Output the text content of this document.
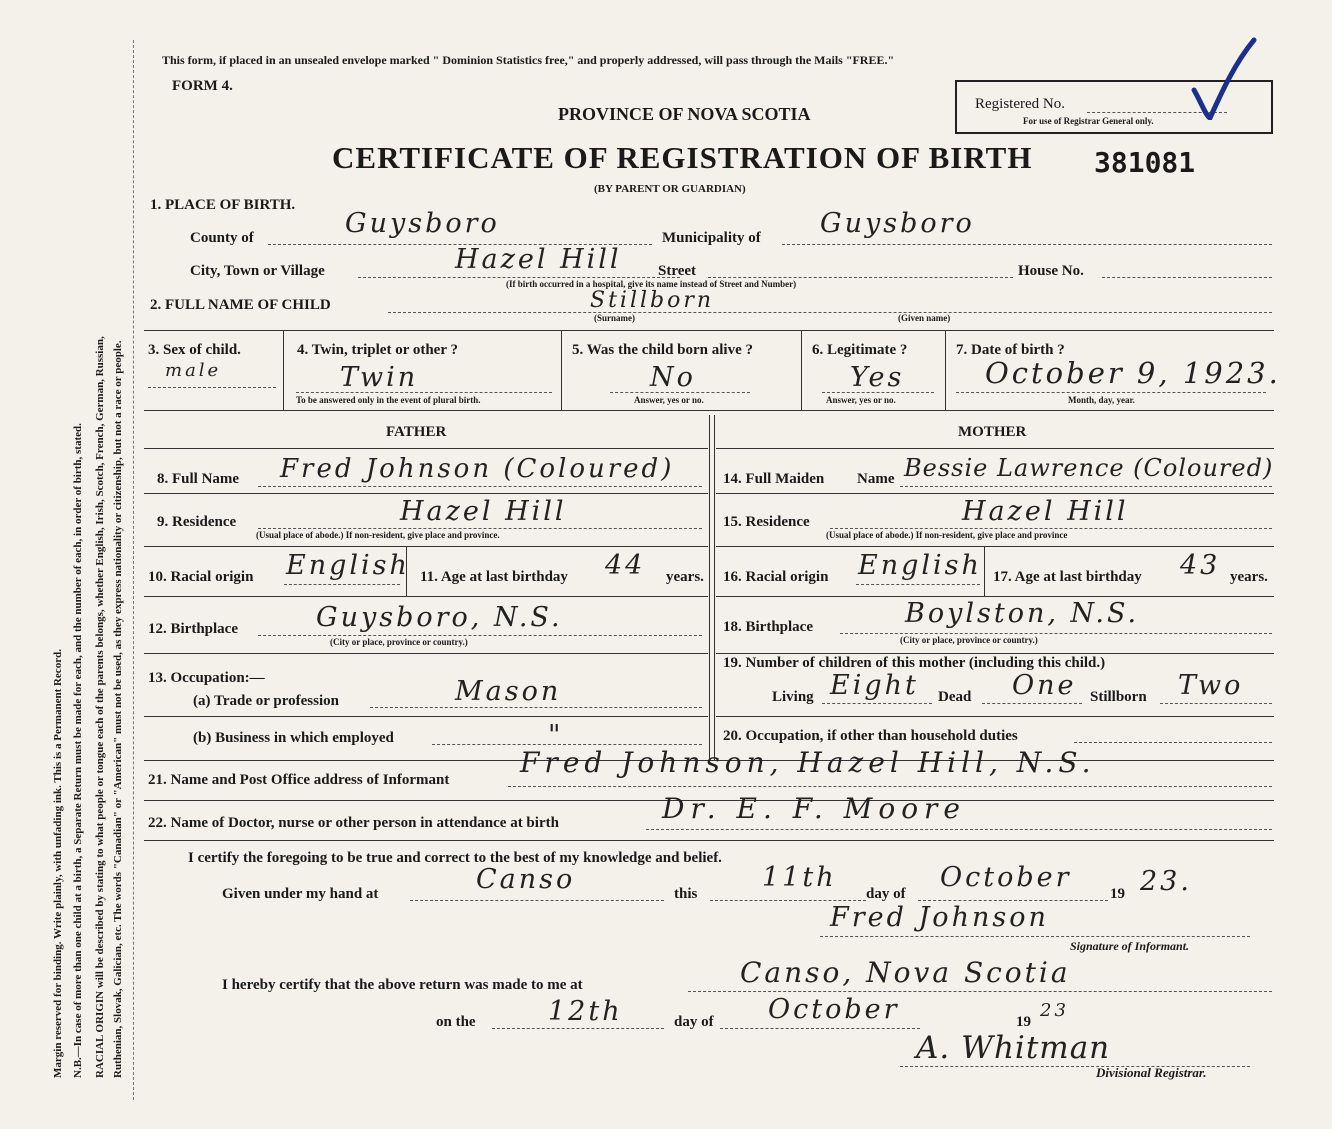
Margin reserved for binding. Write plainly, with unfading ink. This is a Permanent Record. N.B.—In case of more than one child at a birth, a Separate Return must be made for each, and the number of each, in order of birth, stated. RACIAL ORIGIN will be described by stating to what people or tongue each of the parents belongs, whether English, Irish, Scotch, French, German, Russian, Ruthenian, Slovak, Galician, etc. The words "Canadian" or "American" must not be used, as they express nationality or citizenship, but not a race or people.
This form, if placed in an unsealed envelope marked " Dominion Statistics free," and properly addressed, will pass through the Mails "FREE."
FORM 4.
PROVINCE OF NOVA SCOTIA	Registered No.
For use of Registrar General only.
CERTIFICATE OF REGISTRATION OF BIRTH 381081
(BY PARENT OR GUARDIAN)
1. PLACE OF BIRTH.
County of	Guysboro	Municipality of Guysboro
City, Town or Village	Hazel Hill Street	House No.
(If birth occurred in a hospital, give its name instead of Street and Number)
2. FULL NAME OF CHILD	Stillborn
(Surname)	(Given name)
3. Sex of child.
male
4. Twin, triplet or other ?
Twin
To be answered only in the event of plural birth.
5. Was the child born alive ?
No
Answer, yes or no.
6. Legitimate ?
Yes
Answer, yes or no.
7. Date of birth ?
October 9, 1923.
Month, day, year.
FATHER	MOTHER
8. Full Name Fred Johnson (Coloured)
9. Residence	Hazel Hill
(Usual place of abode.) If non-resident, give place and province.
10. Racial origin English 11. Age at last birthday 44 years.
12. Birthplace	Guysboro, N.S.
(City or place, province or country.)
13. Occupation:—
(a) Trade or profession	Mason
(b) Business in which employed	"
14. Full Maiden Name Bessie Lawrence (Coloured)
15. Residence	Hazel Hill
(Usual place of abode.) If non-resident, give place and province
16. Racial origin English 17. Age at last birthday 43 years.
18. Birthplace	Boylston, N.S.
(City or place, province or country.)
19. Number of children of this mother (including this child.)
Living Eight Dead One Stillborn Two
20. Occupation, if other than household duties
21. Name and Post Office address of Informant
Fred Johnson, Hazel Hill, N.S.
22. Name of Doctor, nurse or other person in attendance at birth	Dr. E. F. Moore
I certify the foregoing to be true and correct to the best of my knowledge and belief.
Given under my hand at	Canso	this
11th
day of
October
19 23.
Fred Johnson
Signature of Informant.
I hereby certify that the above return was made to me at	Canso, Nova Scotia
on the	12th	day of October	19
23
A. Whitman
Divisional Registrar.
